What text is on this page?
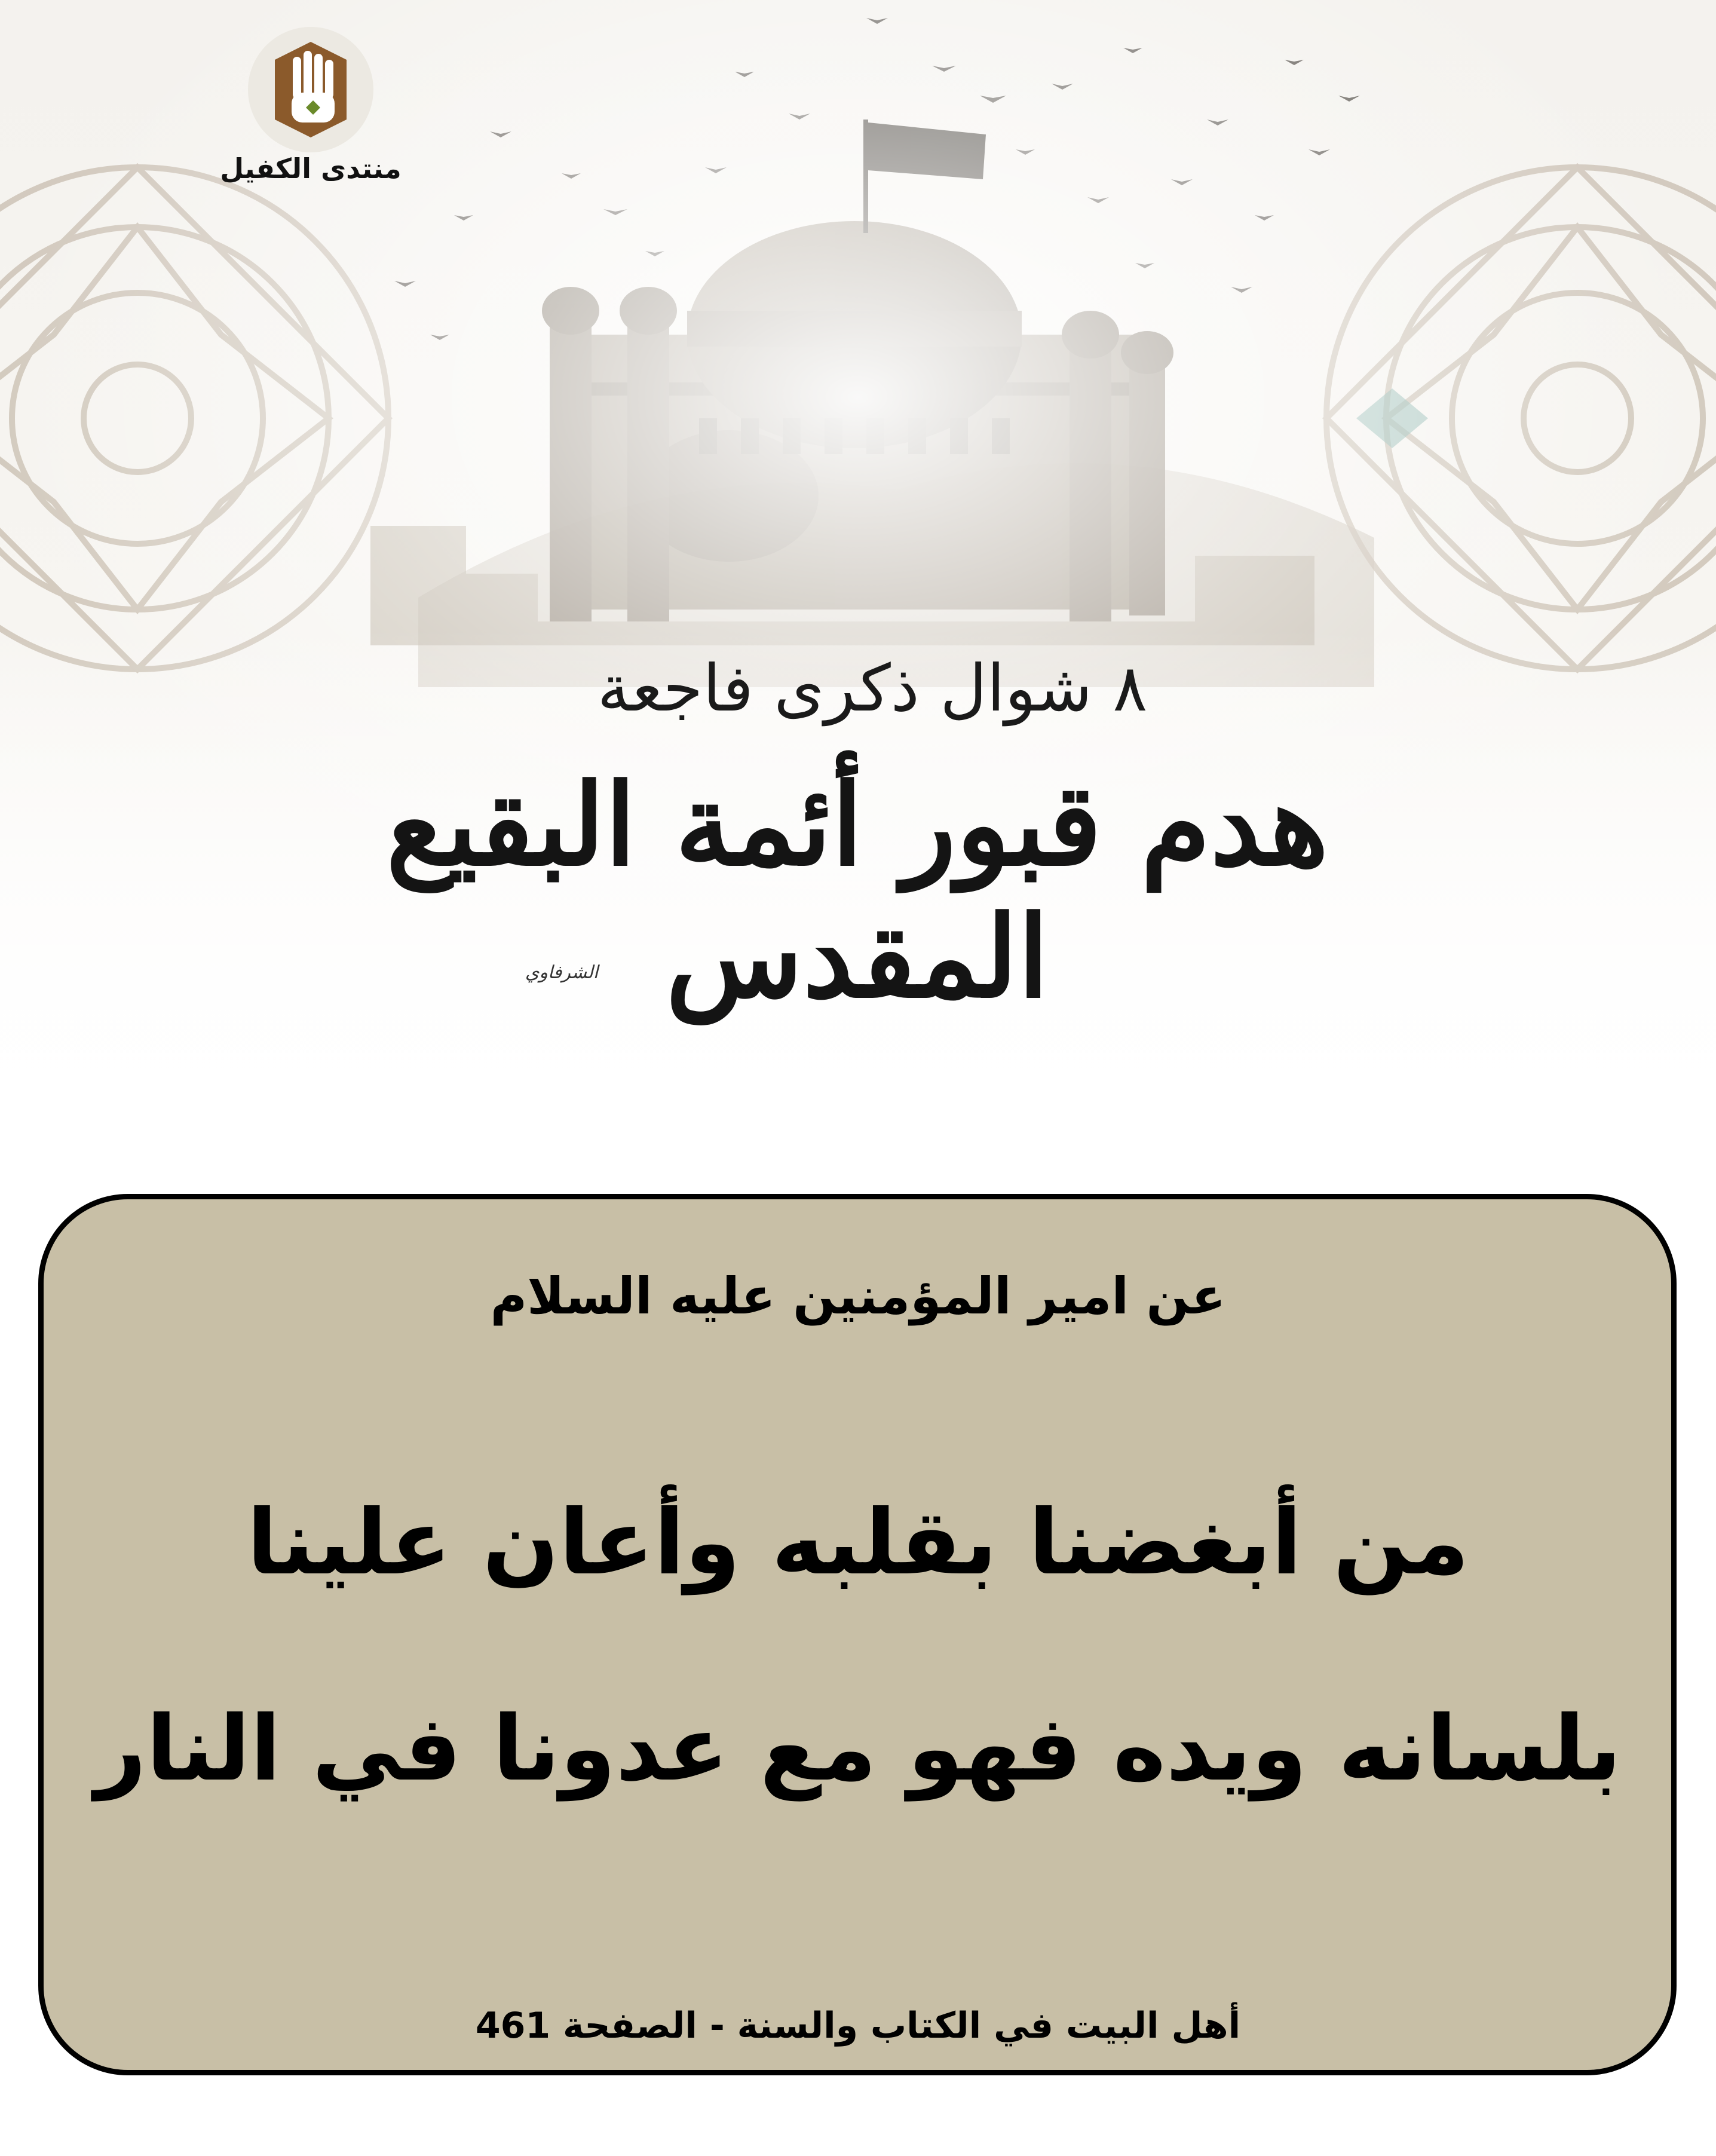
منتدى الكفيل
٨ شوال ذكرى فاجعة
هدم قبور أئمة البقيع المقدس
الشرفاوي
عن امير المؤمنين عليه السلام
من أبغضنا بقلبه وأعان علينا
بلسانه ويده فهو مع عدونا في النار
أهل البيت في الكتاب والسنة - الصفحة 461
